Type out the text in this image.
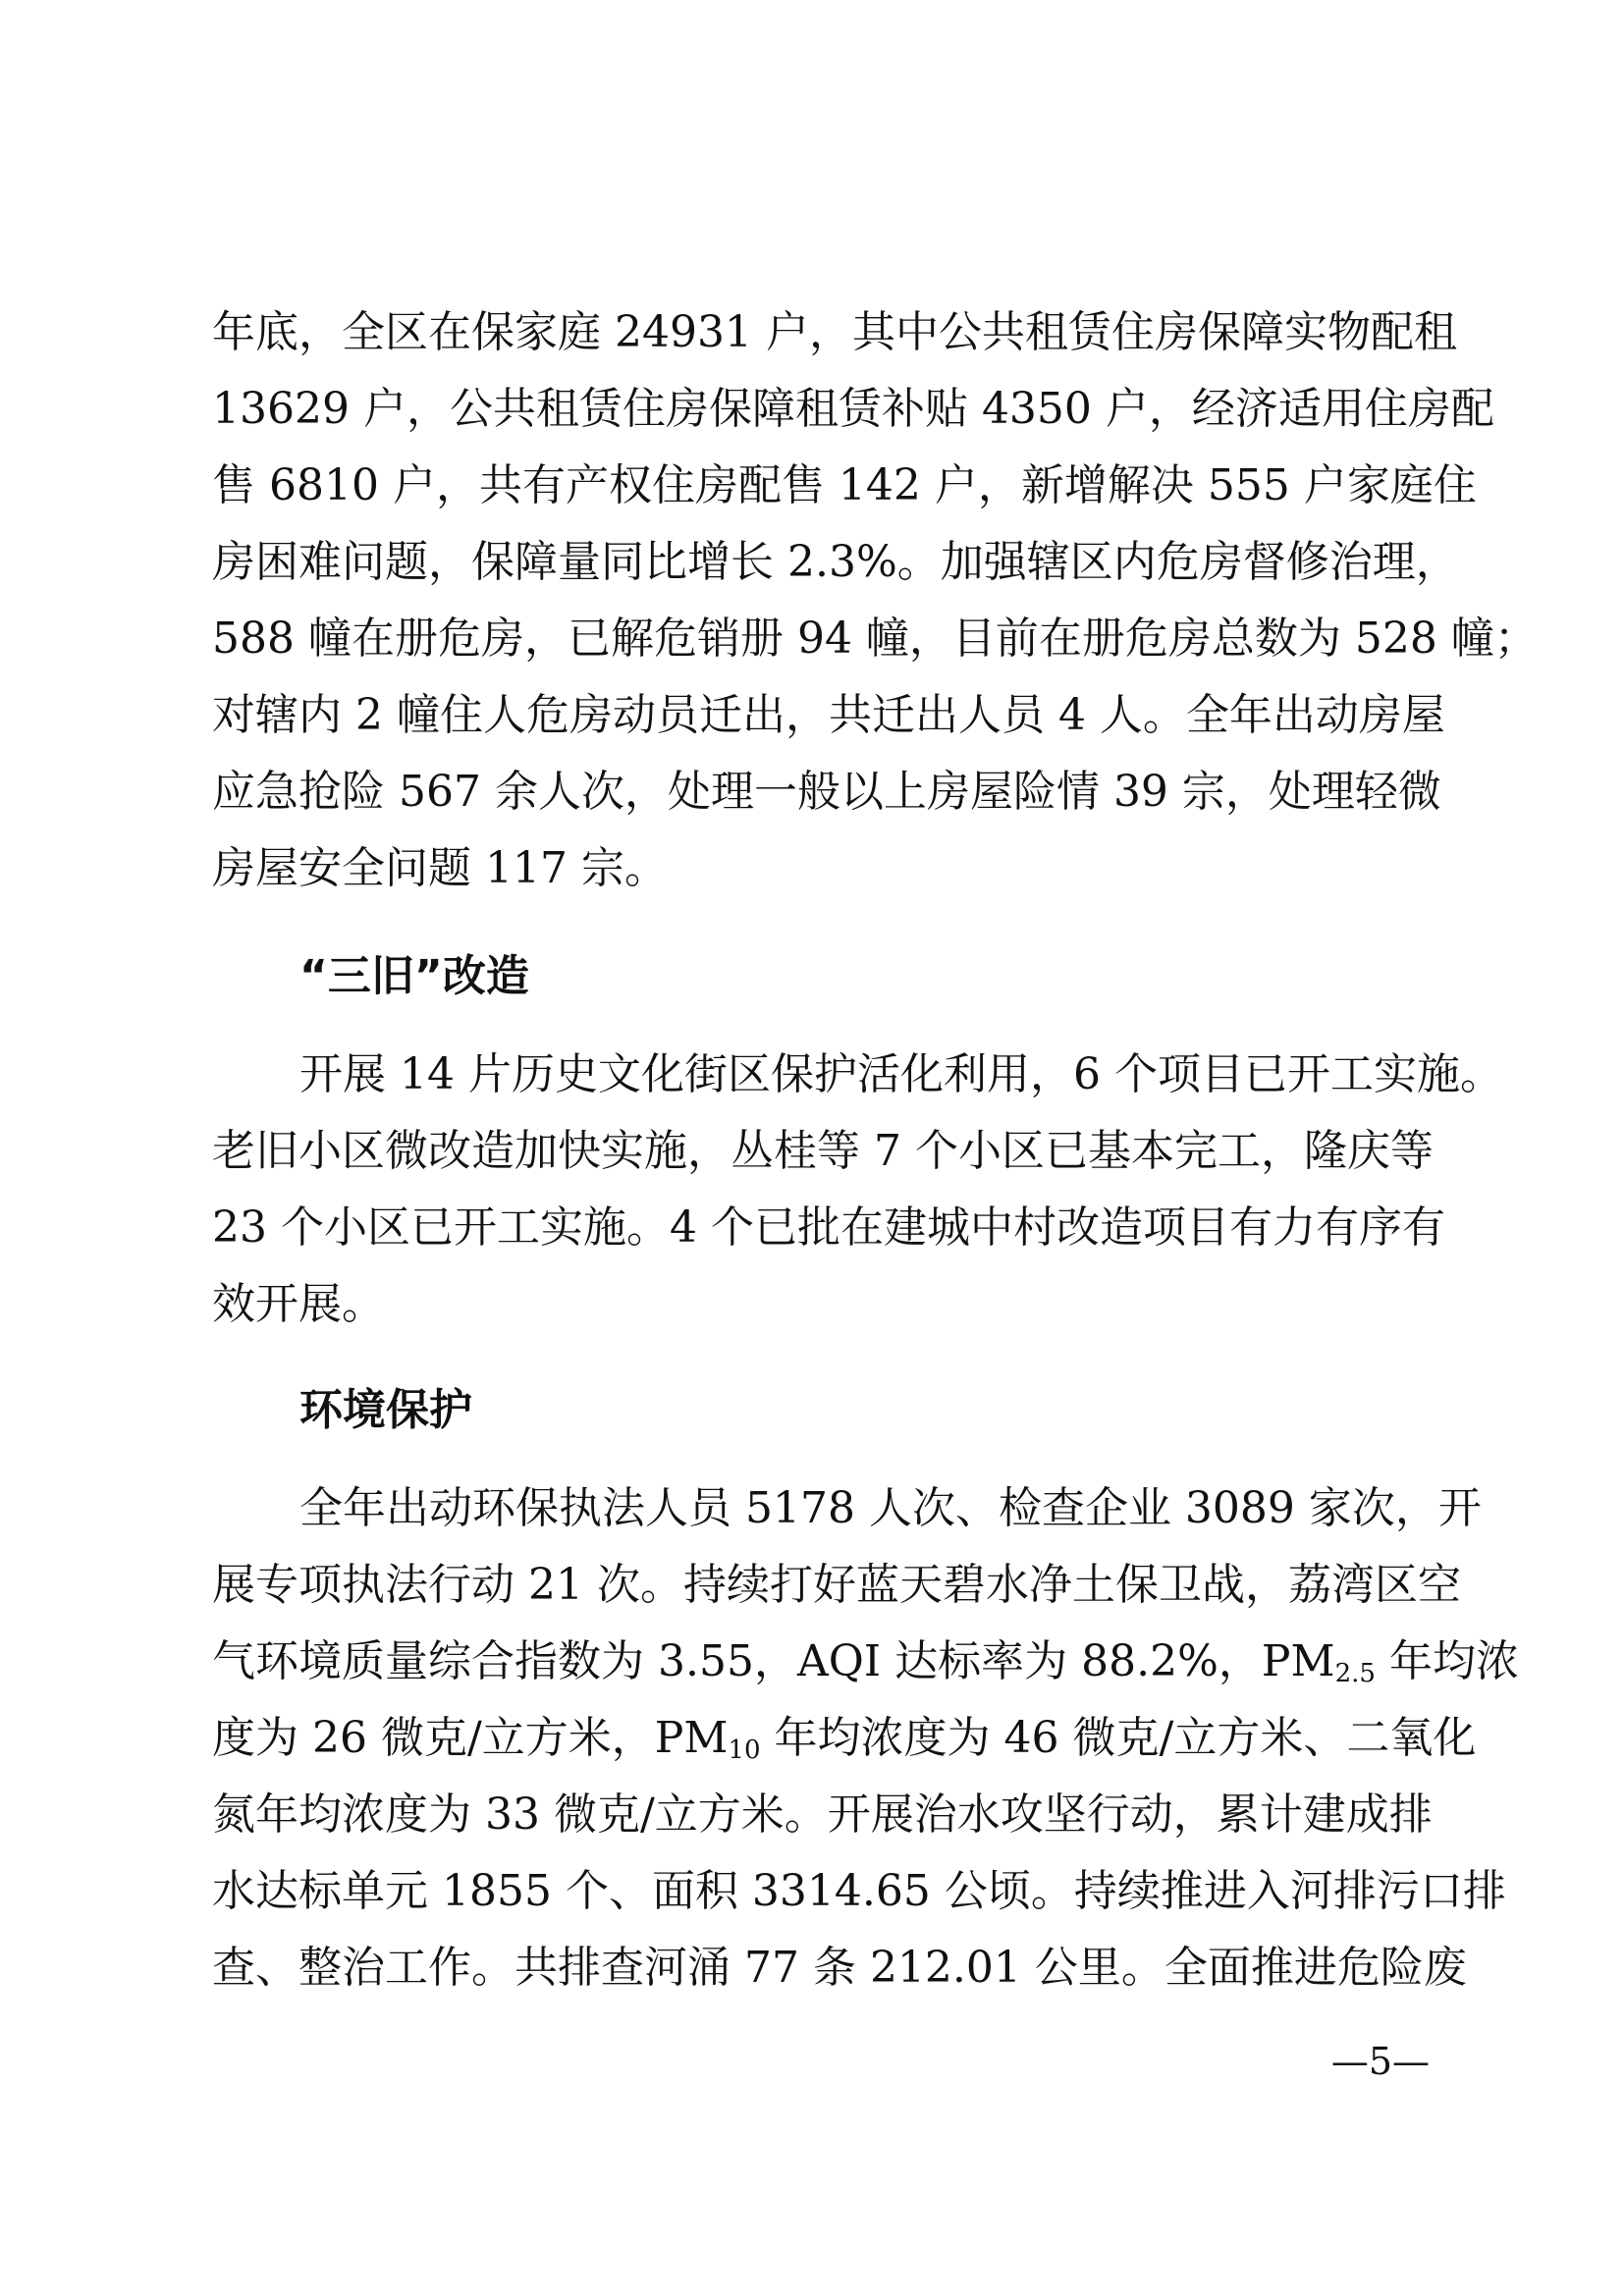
年底，全区在保家庭 24931 户，其中公共租赁住房保障实物配租
13629 户，公共租赁住房保障租赁补贴 4350 户，经济适用住房配
售 6810 户，共有产权住房配售 142 户，新增解决 555 户家庭住
房困难问题，保障量同比增长 2.3%。加强辖区内危房督修治理，
588 幢在册危房，已解危销册 94 幢，目前在册危房总数为 528 幢；
对辖内 2 幢住人危房动员迁出，共迁出人员 4 人。全年出动房屋
应急抢险 567 余人次，处理一般以上房屋险情 39 宗，处理轻微
房屋安全问题 117 宗。
“三旧”改造
开展 14 片历史文化街区保护活化利用，6 个项目已开工实施。
老旧小区微改造加快实施，丛桂等 7 个小区已基本完工，隆庆等
23 个小区已开工实施。4 个已批在建城中村改造项目有力有序有
效开展。
环境保护
全年出动环保执法人员 5178 人次、检查企业 3089 家次，开
展专项执法行动 21 次。持续打好蓝天碧水净土保卫战，荔湾区空
气环境质量综合指数为 3.55，AQI 达标率为 88.2%，$PM_{2.5}$ 年均浓
度为 26 微克/立方米，$PM_{10}$ 年均浓度为 46 微克/立方米、二氧化
氮年均浓度为 33 微克/立方米。开展治水攻坚行动，累计建成排
水达标单元 1855 个、面积 3314.65 公顷。持续推进入河排污口排
查、整治工作。共排查河涌 77 条 212.01 公里。全面推进危险废
—5—
